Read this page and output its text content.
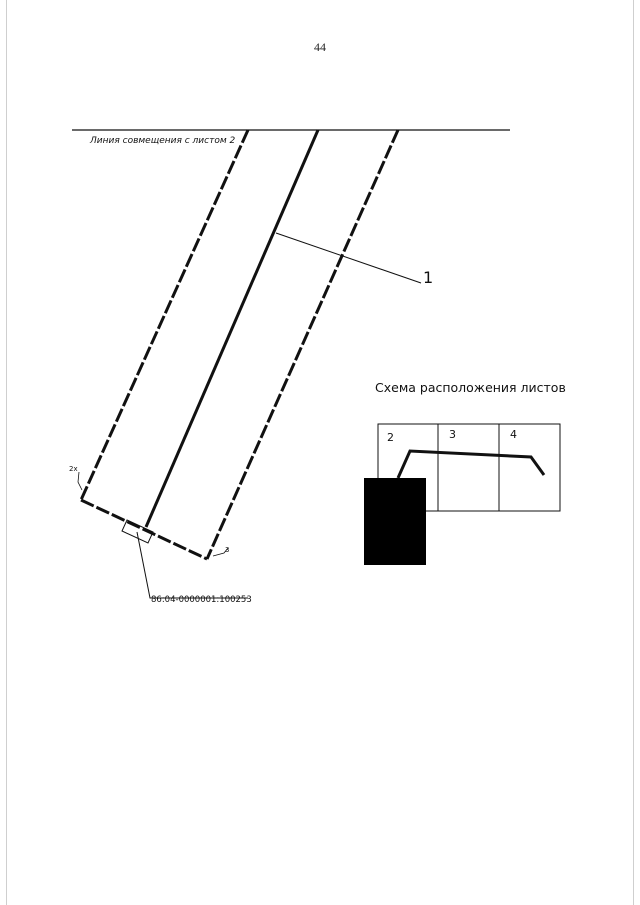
44
Линия совмещения с листом 2
1
2х
3
86:04-0000001:100253
Схема расположения листов
2	3	4
